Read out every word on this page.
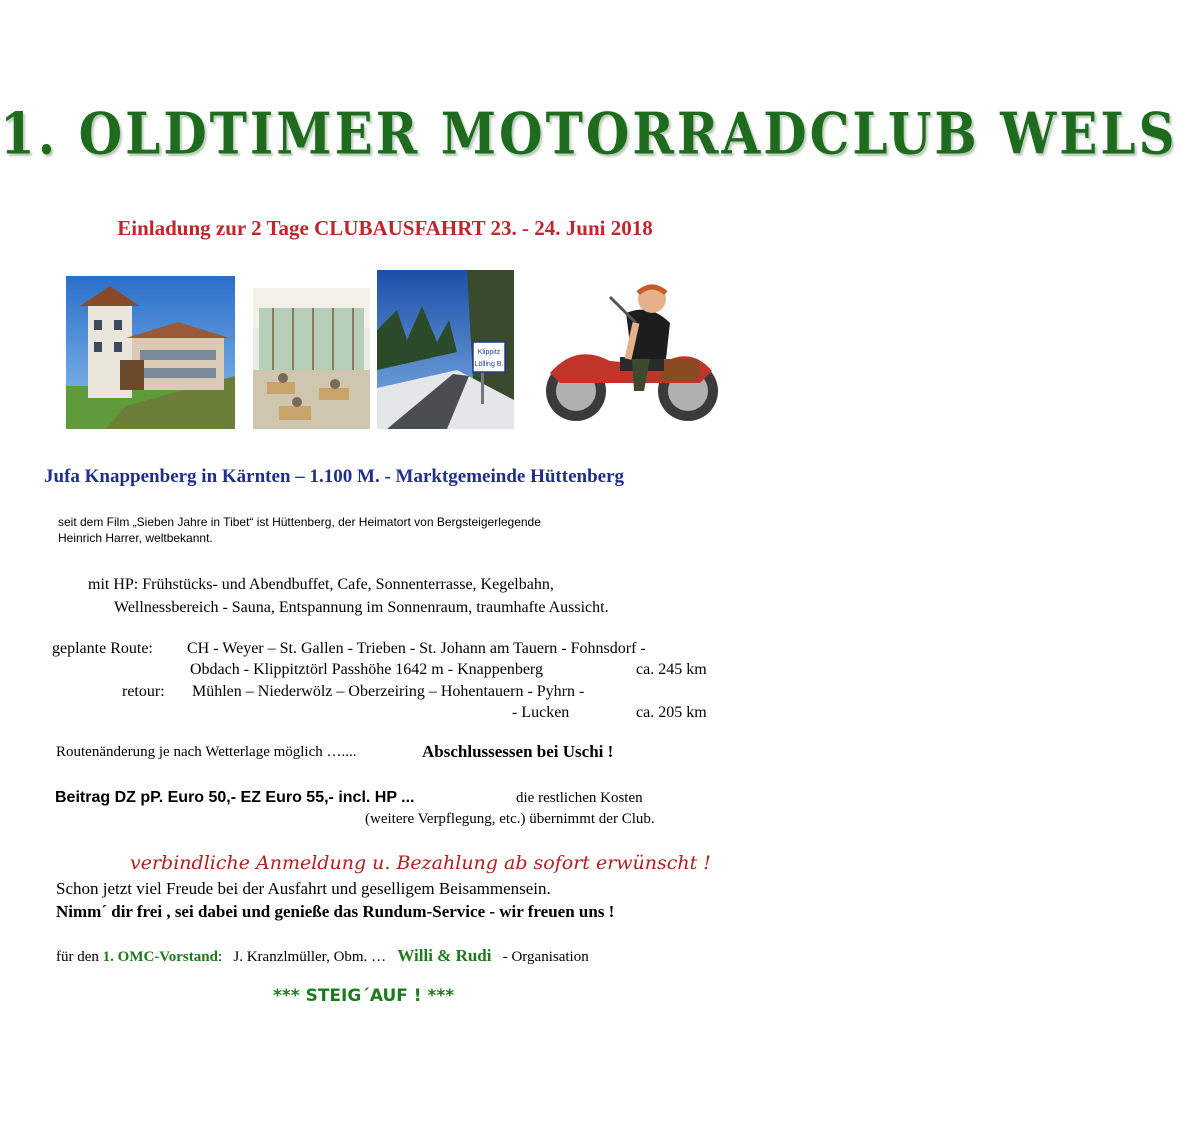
1. OLDTIMER MOTORRADCLUB WELS
Einladung zur 2 Tage CLUBAUSFAHRT 23. - 24. Juni 2018
Klippitz
Lölling B.
Jufa Knappenberg in Kärnten – 1.100 M. - Marktgemeinde Hüttenberg
seit dem Film „Sieben Jahre in Tibet“ ist Hüttenberg, der Heimatort von Bergsteigerlegende
Heinrich Harrer, weltbekannt.
mit HP: Frühstücks- und Abendbuffet, Cafe, Sonnenterrasse, Kegelbahn,
Wellnessbereich - Sauna, Entspannung im Sonnenraum, traumhafte Aussicht.
geplante Route: CH - Weyer – St. Gallen - Trieben - St. Johann am Tauern - Fohnsdorf -
Obdach - Klippitztörl Passhöhe 1642 m - Knappenberg	ca. 245 km
retour: Mühlen – Niederwölz – Oberzeiring – Hohentauern - Pyhrn -
- Lucken	ca. 205 km
Routenänderung je nach Wetterlage möglich …....	Abschlussessen bei Uschi !
Beitrag DZ pP. Euro 50,- EZ Euro 55,- incl. HP ...	die restlichen Kosten
(weitere Verpflegung, etc.) übernimmt der Club.
verbindliche Anmeldung u. Bezahlung ab sofort erwünscht !
Schon jetzt viel Freude bei der Ausfahrt und geselligem Beisammensein.
Nimm´ dir frei , sei dabei und genieße das Rundum-Service - wir freuen uns !
für den 1. OMC-Vorstand: J. Kranzlmüller, Obm. … Willi & Rudi - Organisation
*** STEIG´AUF ! ***
